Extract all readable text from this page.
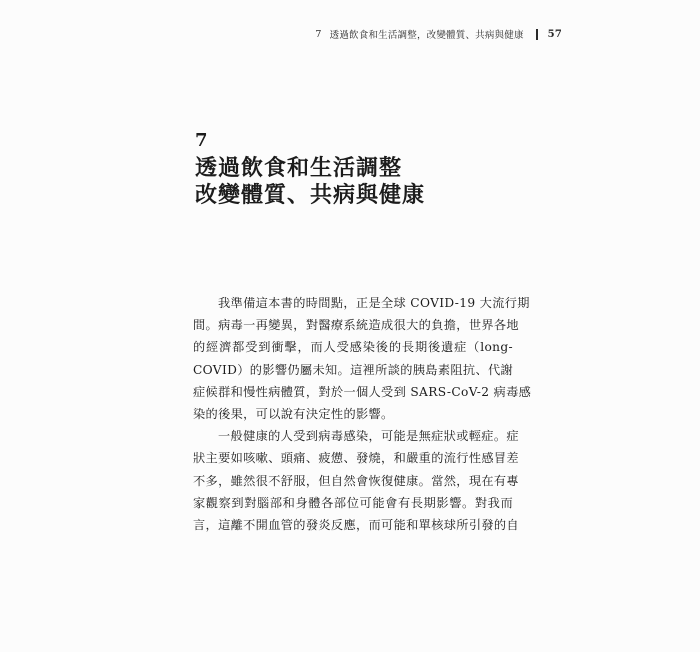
7 透過飲食和生活調整，改變體質、共病與健康 57
7
透過飲食和生活調整
改變體質、共病與健康

我準備這本書的時間點，正是全球 COVID-19 大流行期
間。病毒一再變異，對醫療系統造成很大的負擔，世界各地
的經濟都受到衝擊，而人受感染後的長期後遺症（long-
COVID）的影響仍屬未知。這裡所談的胰島素阻抗、代謝
症候群和慢性病體質，對於一個人受到 SARS-CoV-2 病毒感
染的後果，可以說有決定性的影響。

一般健康的人受到病毒感染，可能是無症狀或輕症。症
狀主要如咳嗽、頭痛、疲憊、發燒，和嚴重的流行性感冒差
不多，雖然很不舒服，但自然會恢復健康。當然，現在有專
家觀察到對腦部和身體各部位可能會有長期影響。對我而
言，這離不開血管的發炎反應，而可能和單核球所引發的自
